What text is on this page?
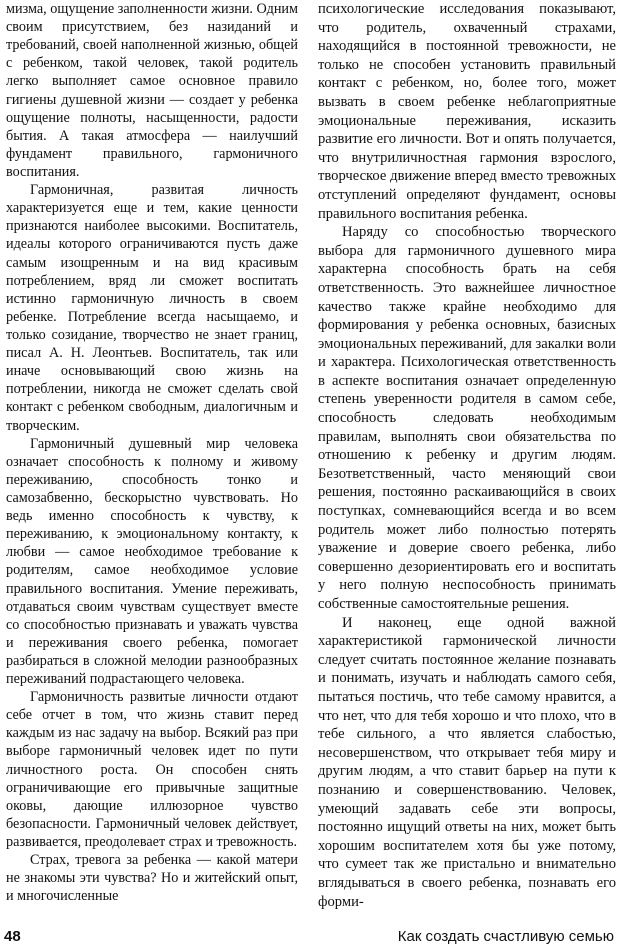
мизма, ощущение заполненности жизни. Одним своим присутствием, без назиданий и требований, своей наполненной жизнью, общей с ребенком, такой человек, такой родитель легко выполняет самое основное правило гигиены душевной жизни — создает у ребенка ощущение полноты, насыщенности, радости бытия. А такая атмосфера — наилучший фундамент правильного, гармоничного воспитания.

Гармоничная, развитая личность характеризуется еще и тем, какие ценности признаются наиболее высокими. Воспитатель, идеалы которого ограничиваются пусть даже самым изощренным и на вид красивым потреблением, вряд ли сможет воспитать истинно гармоничную личность в своем ребенке. Потребление всегда насыщаемо, и только созидание, творчество не знает границ, писал А. Н. Леонтьев. Воспитатель, так или иначе основывающий свою жизнь на потреблении, никогда не сможет сделать свой контакт с ребенком свободным, диалогичным и творческим.

Гармоничный душевный мир человека означает способность к полному и живому переживанию, способность тонко и самозабвенно, бескорыстно чувствовать. Но ведь именно способность к чувству, к переживанию, к эмоциональному контакту, к любви — самое необходимое требование к родителям, самое необходимое условие правильного воспитания. Умение переживать, отдаваться своим чувствам существует вместе со способностью признавать и уважать чувства и переживания своего ребенка, помогает разбираться в сложной мелодии разнообразных переживаний подрастающего человека.

Гармоничность развитые личности отдают себе отчет в том, что жизнь ставит перед каждым из нас задачу на выбор. Всякий раз при выборе гармоничный человек идет по пути личностного роста. Он способен снять ограничивающие его привычные защитные оковы, дающие иллюзорное чувство безопасности. Гармоничный человек действует, развивается, преодолевает страх и тревожность.

Страх, тревога за ребенка — какой матери не знакомы эти чувства? Но и житейский опыт, и многочисленные

психологические исследования показывают, что родитель, охваченный страхами, находящийся в постоянной тревожности, не только не способен установить правильный контакт с ребенком, но, более того, может вызвать в своем ребенке неблагоприятные эмоциональные переживания, исказить развитие его личности. Вот и опять получается, что внутриличностная гармония взрослого, творческое движение вперед вместо тревожных отступлений определяют фундамент, основы правильного воспитания ребенка.

Наряду со способностью творческого выбора для гармоничного душевного мира характерна способность брать на себя ответственность. Это важнейшее личностное качество также крайне необходимо для формирования у ребенка основных, базисных эмоциональных переживаний, для закалки воли и характера. Психологическая ответственность в аспекте воспитания означает определенную степень уверенности родителя в самом себе, способность следовать необходимым правилам, выполнять свои обязательства по отношению к ребенку и другим людям. Безответственный, часто меняющий свои решения, постоянно раскаивающийся в своих поступках, сомневающийся всегда и во всем родитель может либо полностью потерять уважение и доверие своего ребенка, либо совершенно дезориентировать его и воспитать у него полную неспособность принимать собственные самостоятельные решения.

И наконец, еще одной важной характеристикой гармонической личности следует считать постоянное желание познавать и понимать, изучать и наблюдать самого себя, пытаться постичь, что тебе самому нравится, а что нет, что для тебя хорошо и что плохо, что в тебе сильного, а что является слабостью, несовершенством, что открывает тебя миру и другим людям, а что ставит барьер на пути к познанию и совершенствованию. Человек, умеющий задавать себе эти вопросы, постоянно ищущий ответы на них, может быть хорошим воспитателем хотя бы уже потому, что сумеет так же пристально и внимательно вглядываться в своего ребенка, познавать его форми-

48	Как создать счастливую семью
